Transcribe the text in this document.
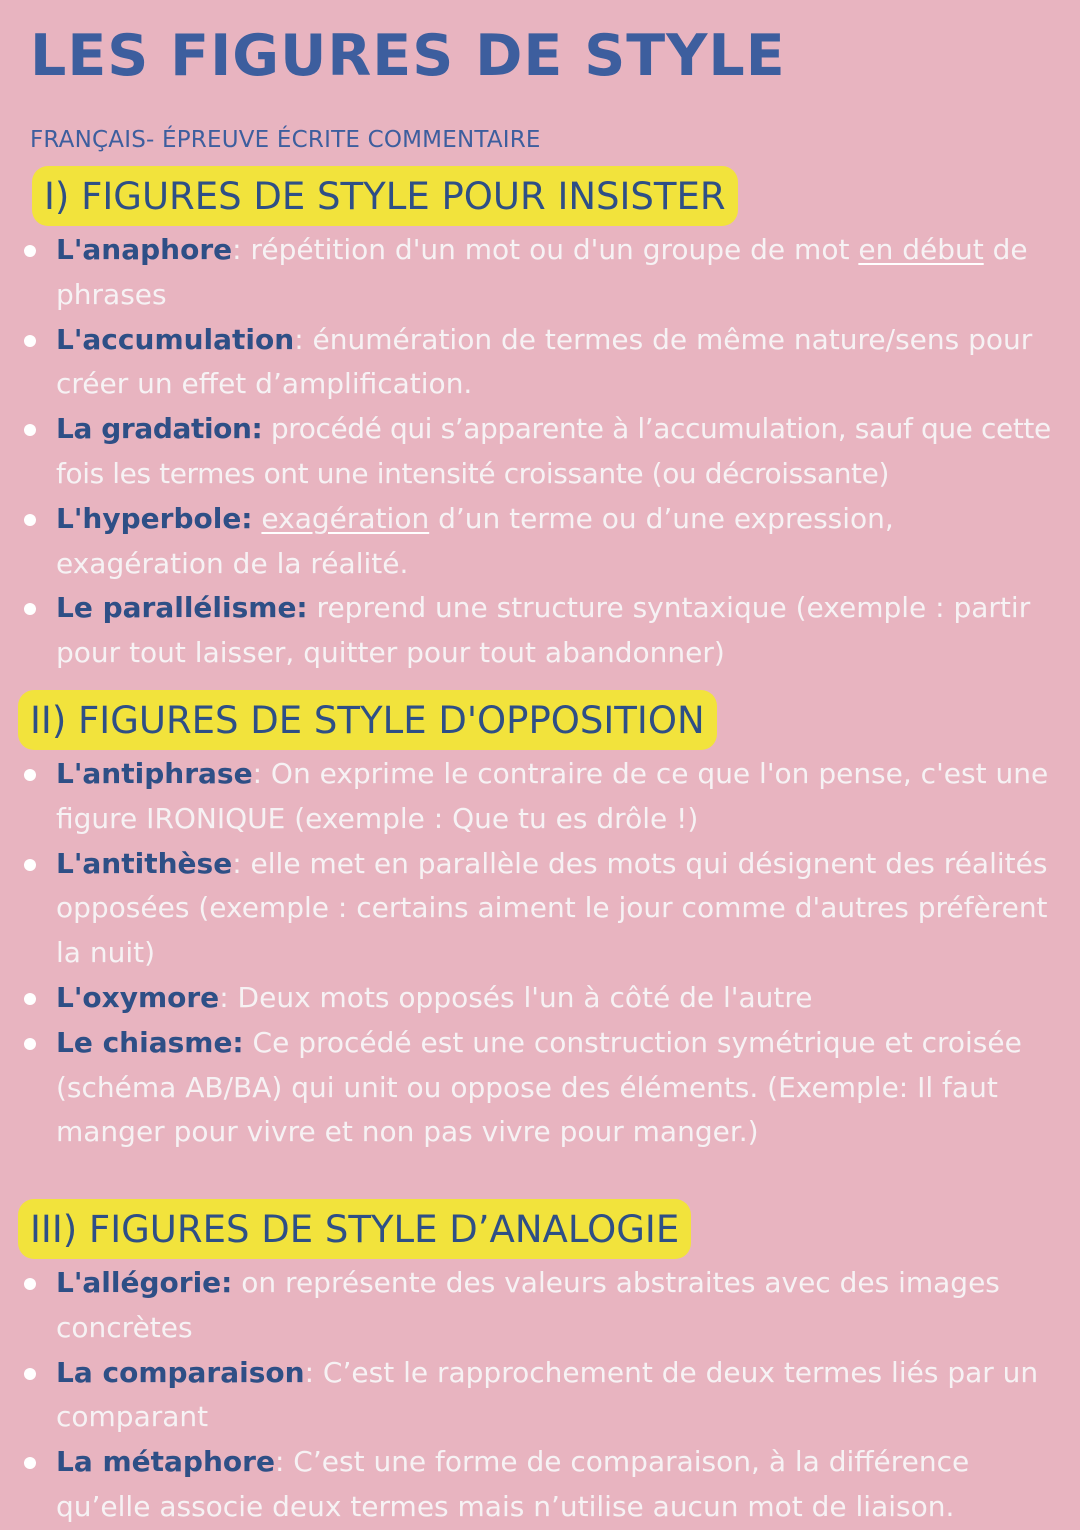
LES FIGURES DE STYLE
FRANÇAIS- ÉPREUVE ÉCRITE COMMENTAIRE
I) FIGURES DE STYLE POUR INSISTER
L'anaphore: répétition d'un mot ou d'un groupe de mot en début de phrases
L'accumulation: énumération de termes de même nature/sens pour créer un effet d’amplification.
La gradation: procédé qui s’apparente à l’accumulation, sauf que cette fois les termes ont une intensité croissante (ou décroissante)
L'hyperbole: exagération d’un terme ou d’une expression, exagération de la réalité.
Le parallélisme: reprend une structure syntaxique (exemple : partir pour tout laisser, quitter pour tout abandonner)
II) FIGURES DE STYLE D'OPPOSITION
L'antiphrase: On exprime le contraire de ce que l'on pense, c'est une figure IRONIQUE (exemple : Que tu es drôle !)
L'antithèse: elle met en parallèle des mots qui désignent des réalités opposées (exemple : certains aiment le jour comme d'autres préfèrent la nuit)
L'oxymore: Deux mots opposés l'un à côté de l'autre
Le chiasme: Ce procédé est une construction symétrique et croisée (schéma AB/BA) qui unit ou oppose des éléments. (Exemple: Il faut manger pour vivre et non pas vivre pour manger.)
III) FIGURES DE STYLE D’ANALOGIE
L'allégorie: on représente des valeurs abstraites avec des images concrètes
La comparaison: C’est le rapprochement de deux termes liés par un comparant
La métaphore: C’est une forme de comparaison, à la différence qu’elle associe deux termes mais n’utilise aucun mot de liaison.
